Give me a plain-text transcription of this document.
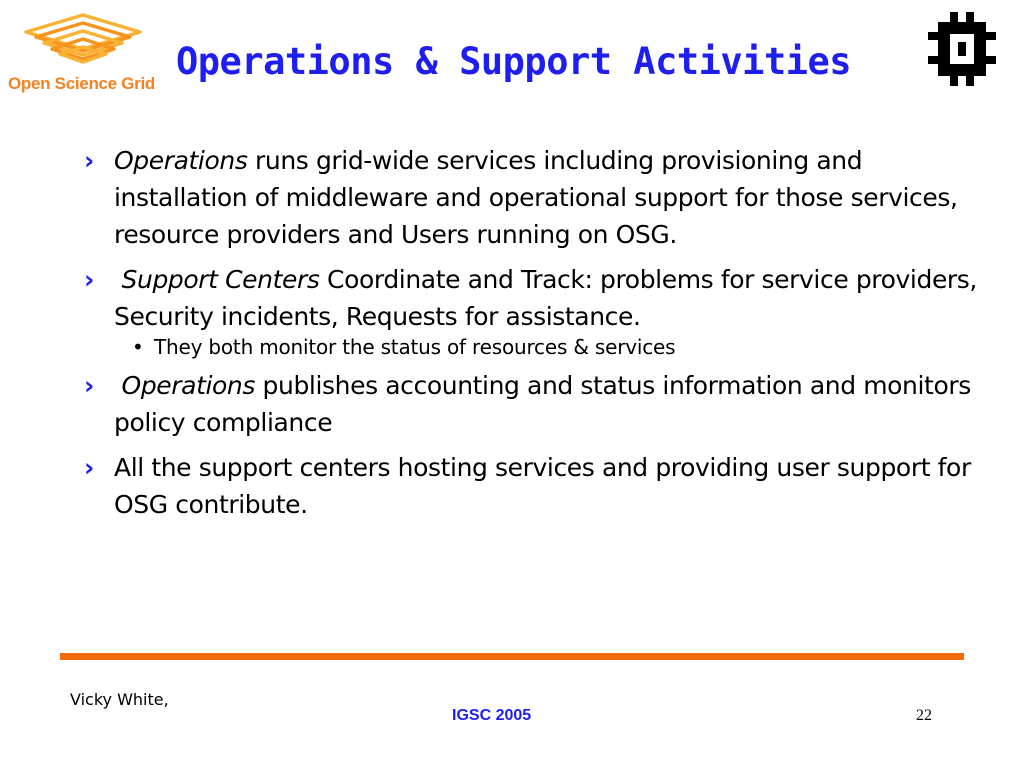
Open Science Grid
Operations & Support Activities
› Operations runs grid-wide services including provisioning and installation of middleware and operational support for those services, resource providers and Users running on OSG.
› Support Centers Coordinate and Track: problems for service providers, Security incidents, Requests for assistance.
• They both monitor the status of resources & services
› Operations publishes accounting and status information and monitors policy compliance
› All the support centers hosting services and providing user support for OSG contribute.
Vicky White,
IGSC 2005	22
